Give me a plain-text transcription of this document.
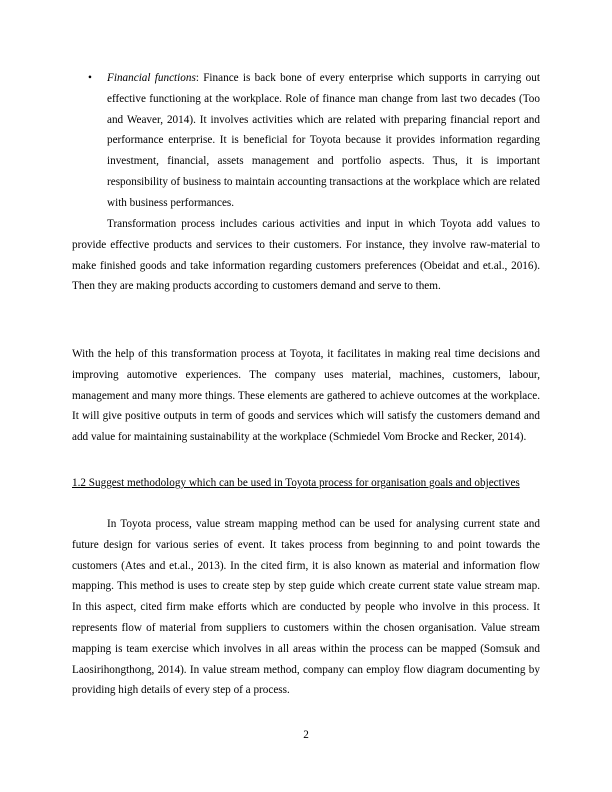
• Financial functions: Finance is back bone of every enterprise which supports in carrying out effective functioning at the workplace. Role of finance man change from last two decades (Too and Weaver, 2014). It involves activities which are related with preparing financial report and performance enterprise. It is beneficial for Toyota because it provides information regarding investment, financial, assets management and portfolio aspects. Thus, it is important responsibility of business to maintain accounting transactions at the workplace which are related with business performances.
Transformation process includes carious activities and input in which Toyota add values to provide effective products and services to their customers. For instance, they involve raw-material to make finished goods and take information regarding customers preferences (Obeidat and et.al., 2016). Then they are making products according to customers demand and serve to them.
With the help of this transformation process at Toyota, it facilitates in making real time decisions and improving automotive experiences. The company uses material, machines, customers, labour, management and many more things. These elements are gathered to achieve outcomes at the workplace. It will give positive outputs in term of goods and services which will satisfy the customers demand and add value for maintaining sustainability at the workplace (Schmiedel Vom Brocke and Recker, 2014).
1.2 Suggest methodology which can be used in Toyota process for organisation goals and objectives
In Toyota process, value stream mapping method can be used for analysing current state and future design for various series of event. It takes process from beginning to and point towards the customers (Ates and et.al., 2013). In the cited firm, it is also known as material and information flow mapping. This method is uses to create step by step guide which create current state value stream map. In this aspect, cited firm make efforts which are conducted by people who involve in this process. It represents flow of material from suppliers to customers within the chosen organisation. Value stream mapping is team exercise which involves in all areas within the process can be mapped (Somsuk and Laosirihongthong, 2014). In value stream method, company can employ flow diagram documenting by providing high details of every step of a process.
2
